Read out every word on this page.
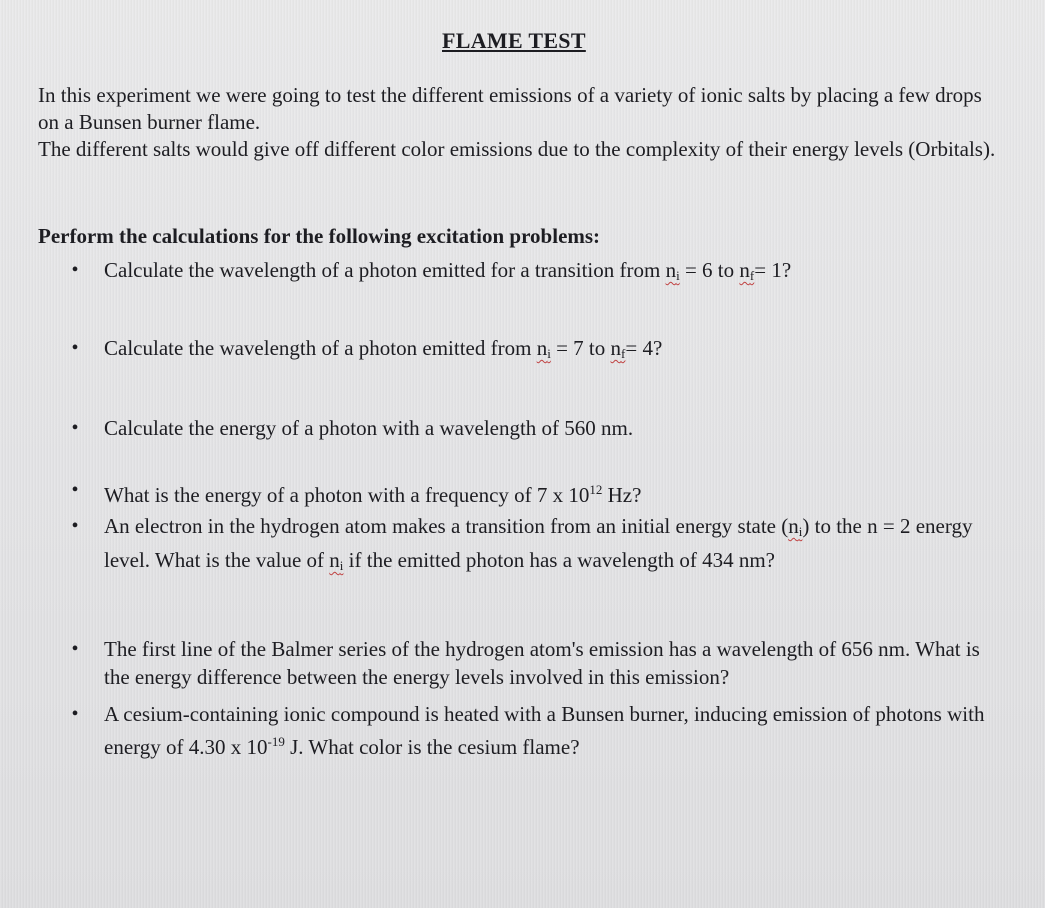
FLAME TEST

In this experiment we were going to test the different emissions of a variety of ionic salts by placing a few drops on a Bunsen burner flame.

The different salts would give off different color emissions due to the complexity of their energy levels (Orbitals).

Perform the calculations for the following excitation problems:
• Calculate the wavelength of a photon emitted for a transition from $n_i = 6$ to $n_f= 1$?
• Calculate the wavelength of a photon emitted from $n_i = 7$ to $n_f= 4$?
• Calculate the energy of a photon with a wavelength of 560 nm.
• What is the energy of a photon with a frequency of 7 x $10^{12}$ Hz?
• An electron in the hydrogen atom makes a transition from an initial energy state $(n_i)$ to the n = 2 energy level. What is the value of $n_i$ if the emitted photon has a wavelength of 434 nm?
• The first line of the Balmer series of the hydrogen atom's emission has a wavelength of 656 nm. What is the energy difference between the energy levels involved in this emission?
• A cesium-containing ionic compound is heated with a Bunsen burner, inducing emission of photons with energy of 4.30 x $10^{-19}$ J. What color is the cesium flame?
